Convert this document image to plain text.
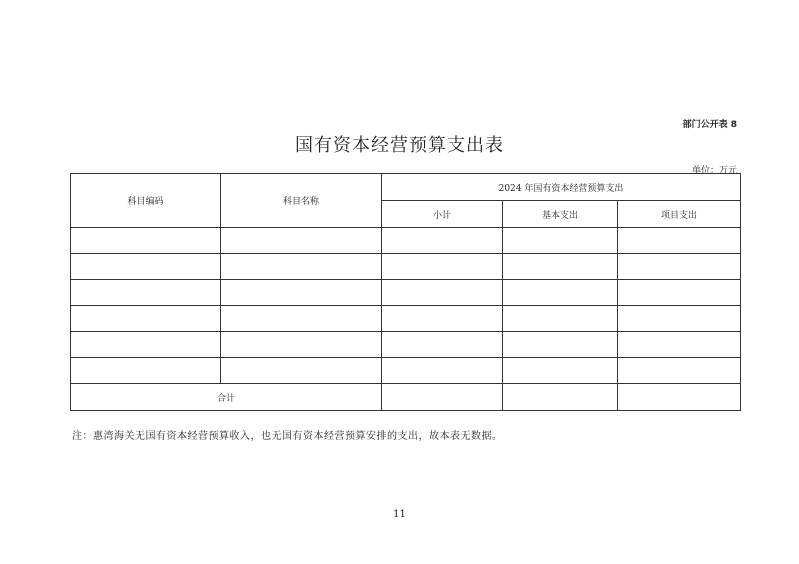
部门公开表 8
国有资本经营预算支出表
单位：万元
科目编码	科目名称	2024 年国有资本经营预算支出		
		小计	基本支出	项目支出

合计				
注：惠湾海关无国有资本经营预算收入，也无国有资本经营预算安排的支出，故本表无数据。
11
